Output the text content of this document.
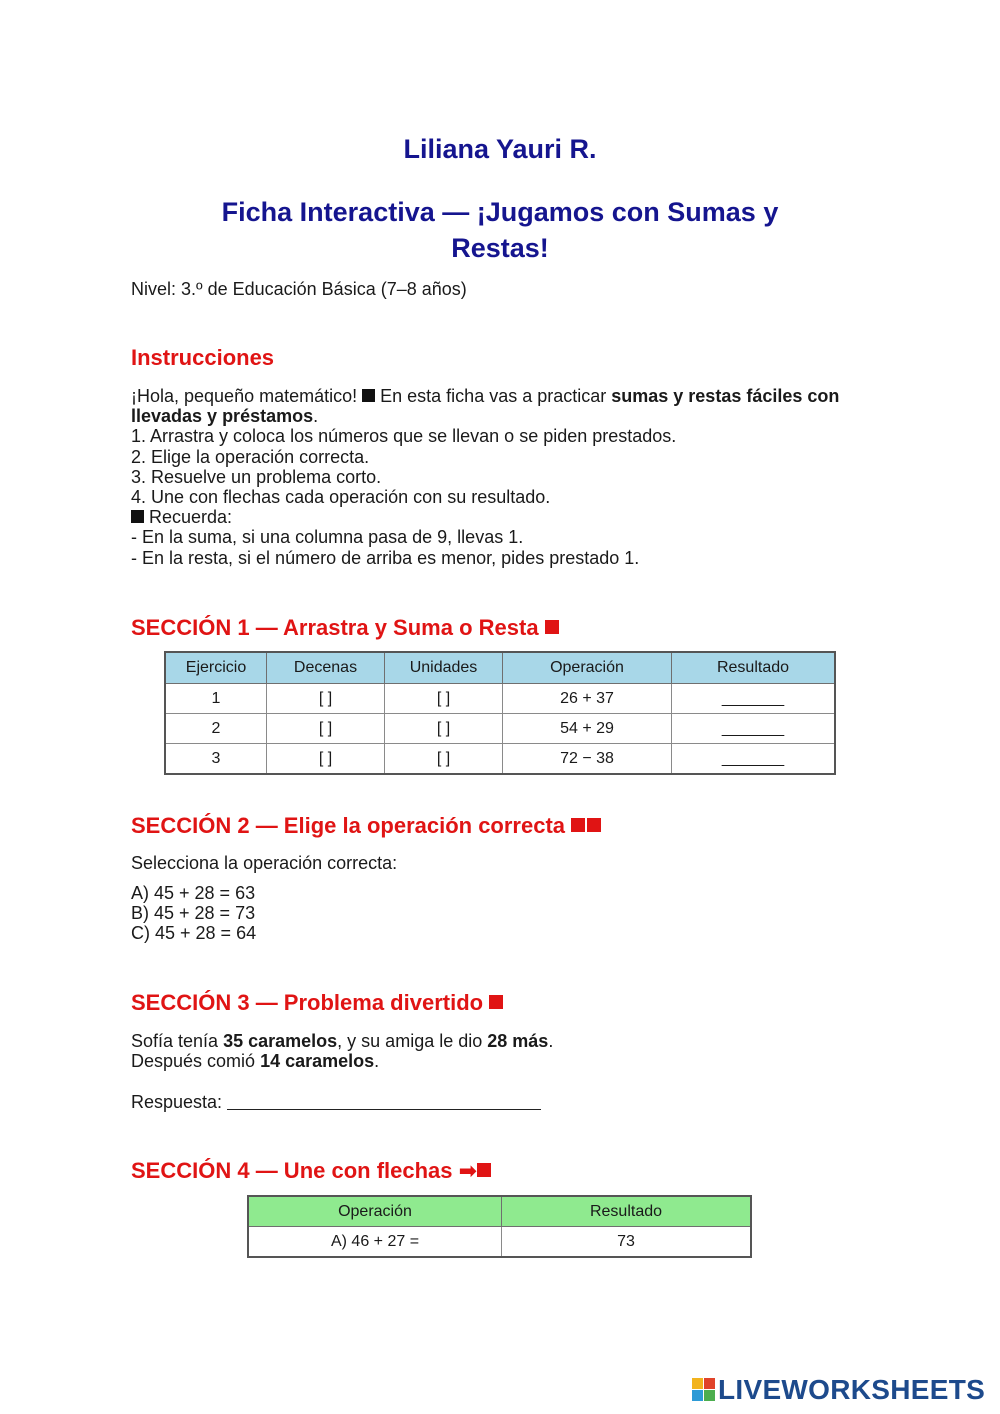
Liliana Yauri R.
Ficha Interactiva — ¡Jugamos con Sumas y Restas!
Nivel: 3.º de Educación Básica (7–8 años)
Instrucciones
¡Hola, pequeño matemático!  En esta ficha vas a practicar sumas y restas fáciles con llevadas y préstamos.
1. Arrastra y coloca los números que se llevan o se piden prestados.
2. Elige la operación correcta.
3. Resuelve un problema corto.
4. Une con flechas cada operación con su resultado.
Recuerda:
- En la suma, si una columna pasa de 9, llevas 1.
- En la resta, si el número de arriba es menor, pides prestado 1.
SECCIÓN 1 — Arrastra y Suma o Resta
Ejercicio	Decenas	Unidades	Operación	Resultado
1	[ ]	[ ]	26 + 37	_______
2	[ ]	[ ]	54 + 29	_______
3	[ ]	[ ]	72 − 38	_______
SECCIÓN 2 — Elige la operación correcta
Selecciona la operación correcta:
A) 45 + 28 = 63
B) 45 + 28 = 73
C) 45 + 28 = 64
SECCIÓN 3 — Problema divertido
Sofía tenía 35 caramelos, y su amiga le dio 28 más.
Después comió 14 caramelos.
Respuesta:
SECCIÓN 4 — Une con flechas ➡
Operación	Resultado
A) 46 + 27 =	73
LIVEWORKSHEETS
